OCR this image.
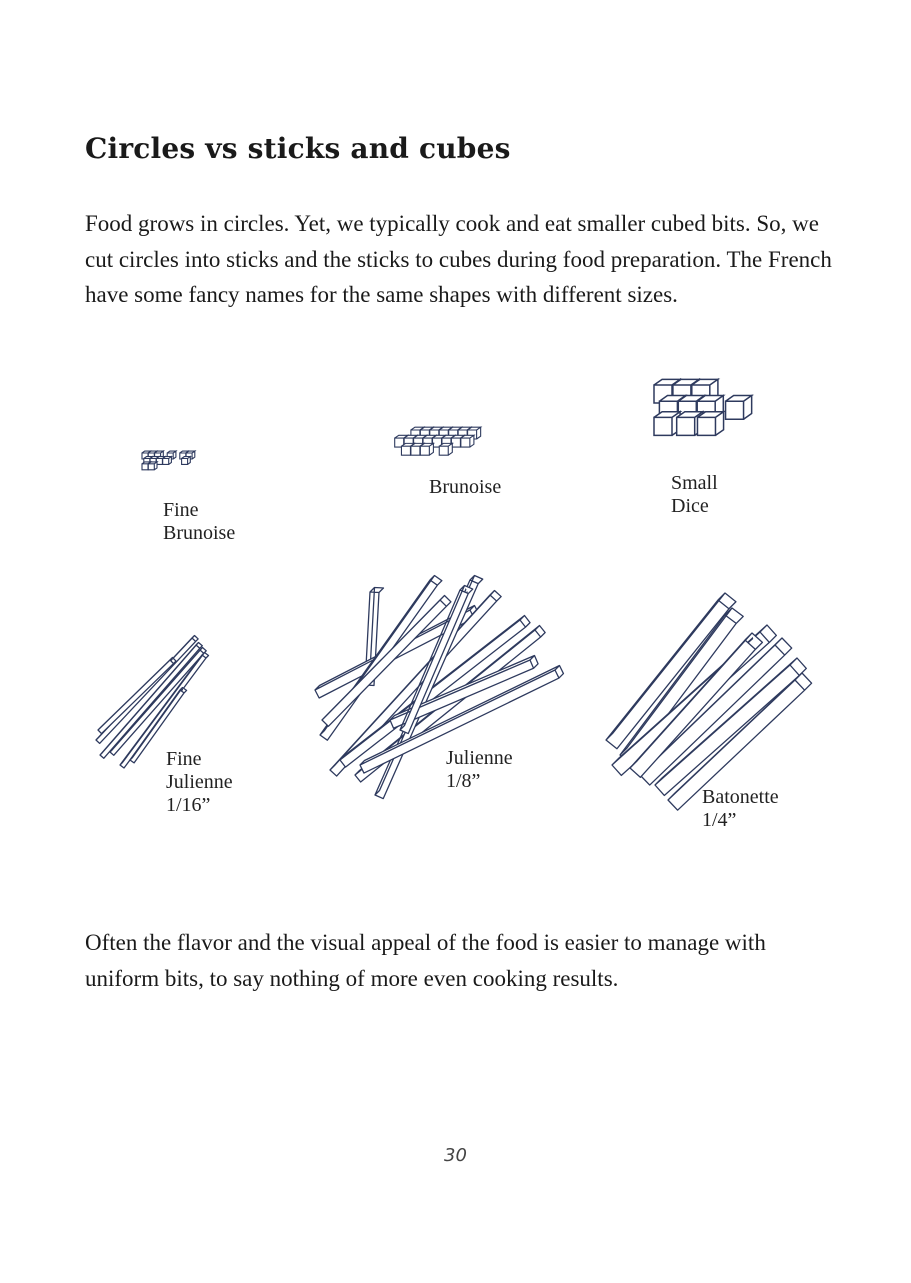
Circles vs sticks and cubes

Food grows in circles. Yet, we typically cook and eat smaller cubed bits. So, we cut circles into sticks and the sticks to cubes during food preparation. The French have some fancy names for the same shapes with different sizes.

Fine
Brunoise
Brunoise	Small
Dice
Fine
Julienne
1/16”
Julienne
1/8”
Batonette
1/4”

Often the flavor and the visual appeal of the food is easier to manage with uniform bits, to say nothing of more even cooking results.

30
